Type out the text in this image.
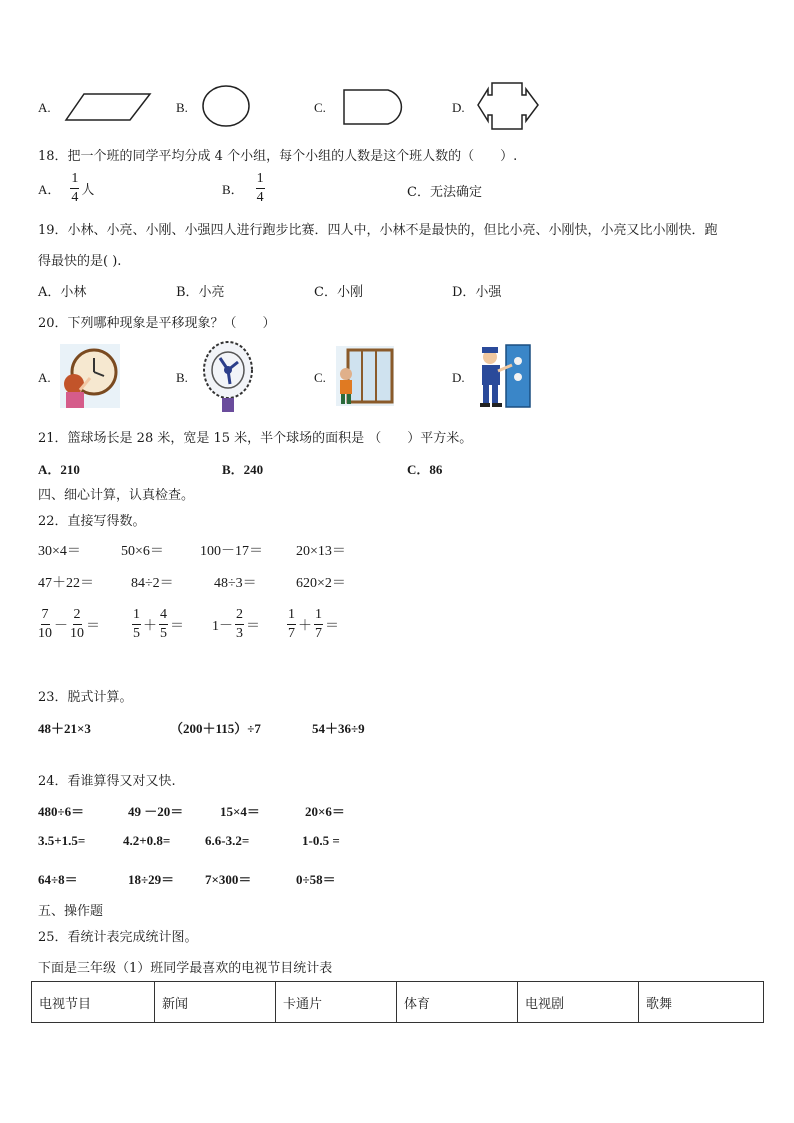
A.	B.	C.	D.
18．把一个班的同学平均分成 4 个小组，每个小组的人数是这个班人数的（　　）.
A． $\frac{1}{4}$ 人	B． $\frac{1}{4}$	C．无法确定
19．小林、小亮、小刚、小强四人进行跑步比赛．四人中，小林不是最快的，但比小亮、小刚快，小亮又比小刚快．跑
得最快的是( ).
A．小林	B．小亮	C．小刚	D．小强
20．下列哪种现象是平移现象？（　　）
A.	B.	C.	D.
21．篮球场长是 28 米，宽是 15 米，半个球场的面积是 （　　）平方米。
A．210	B．240	C．86
四、细心计算，认真检查。
22．直接写得数。
30×4＝	50×6＝	100－17＝ 20×13＝
47＋22＝	84÷2＝	48÷3＝	620×2＝
$\frac{7}{10} - \frac{2}{10} = \frac{1}{5} + \frac{4}{5} = 1- \frac{2}{3} = \frac{1}{7} + \frac{1}{7}$ ＝
23．脱式计算。
48＋21×3	（200＋115）÷7	54＋36÷9
24．看谁算得又对又快.
480÷6＝	49 －20＝	15×4＝	20×6＝
3.5+1.5=	4.2+0.8=	6.6-3.2=	1-0.5 =
64÷8＝	18÷29＝ 7×300＝	0÷58＝
五、操作题
25．看统计表完成统计图。
下面是三年级（1）班同学最喜欢的电视节目统计表
电视节目	新闻	卡通片	体育	电视剧	歌舞
